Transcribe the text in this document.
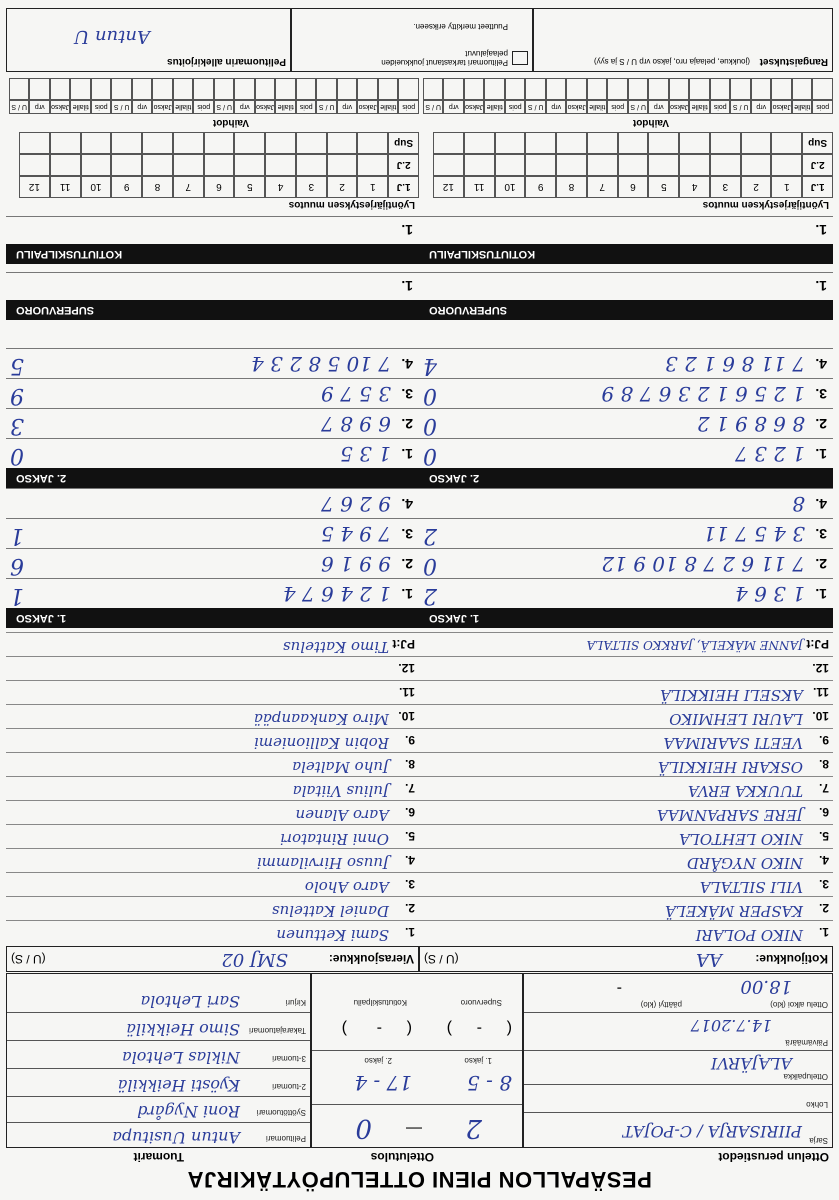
PESÄPALLON PIENI OTTELUPÖYTÄKIRJA
Ottelun perustiedot
Ottelutulos
Tuomarit
Sarja
PIIRISARJA / C-POJAT
Lohko
Ottelupaikka
ALAJÄRVI
Päivämäärä
14.7.2017
Ottelu alkoi (klo)
18.00
päättyi (klo)
-
2
—
0
8 - 5
17 - 4
1. jakso
2. jakso
(
-
)
(
-
)
Supervuoro
Kotiutuskilpailu
Pelituomari
Antun Uusitupa
Syöttötuomari
Roni Nygård
2-tuomari
Kyösti Heikkilä
3-tuomari
Niklas Lehtola
Takarajatuomari
Simo Heikkilä
Kirjuri
Sari Lehtola
Kotijoukkue:
AA
(U / S)
Vierasjoukkue:
SMJ 02
(U / S)
1.
NIKO POLARI
2.
KASPER MÄKELÄ
3.
VILI SILTALA
4.
NIKO NYGÅRD
5.
NIKO LEHTOLA
6.
JERE SARPANMAA
7.
TUUKKA ERVA
8.
OSKARI HEIKKILÄ
9.
VEETI SAARIMAA
10.
LAURI LEHMIKO
11.
AKSELI HEIKKILÄ
12.
1.
Sami Kettunen
2.
Daniel Kattelus
3.
Aaro Aholo
4.
Juuso Hirvilammi
5.
Onni Rintatori
6.
Aaro Alanen
7.
Julius Viitala
8.
Juho Maltela
9.
Robin Kallioniemi
10.
Miro Kankaanpää
11.
12.
PJ:t
JANNE MÄKELÄ, JARKKO SILTALA
PJ:t
Timo Kattelus
1. JAKSO
1. JAKSO
1.
1 3 6 4
2
2.
7 11 6 2 7 8 10 9 12
0
3.
3 4 5 7 11
2
4.
8
1.
1 2 4 6 7 4
1
2.
9 9 1 6
6
3.
7 9 4 5
1
4.
9 2 6 7
2. JAKSO
2. JAKSO
1.
1 2 3 7
0
2.
8 6 8 9 1 2
0
3.
1 2 5 6 1 2 3 6 7 8 9
0
4.
7 11 8 6 1 2 3
4
1.
1 3 5
0
2.
6 9 8 7
3
3.
3 5 7 9
9
4.
7 10 5 8 2 3 4
5
SUPERVUORO
SUPERVUORO
1.
1.
KOTIUTUSKILPAILU
KOTIUTUSKILPAILU
1.
1.
Lyöntijärjestyksen muutos
Lyöntijärjestyksen muutos
1.J
1
2
3
4
5
6
7
8
9
10
11
12
2.J
Sup
1.J
1
2
3
4
5
6
7
8
9
10
11
12
2.J
Sup
Vaihdot
Vaihdot
pois
tilalle
Jakso
vrp
U / S
pois
tilalle
Jakso
vrp
U / S
pois
tilalle
Jakso
vrp
U / S
pois
tilalle
Jakso
vrp
U / S
pois
tilalle
Jakso
vrp
U / S
pois
tilalle
Jakso
vrp
U / S
pois
tilalle
Jakso
vrp
U / S
pois
tilalle
Jakso
vrp
U / S
Rangaistukset
(joukkue, pelaaja nro, jakso vrp U / S ja syy)
Pelituomari tarkastanut joukkueiden pelaajaluvut
Puutteet merkitty erikseen.
Pelituomarin allekirjoitus
Antun U
